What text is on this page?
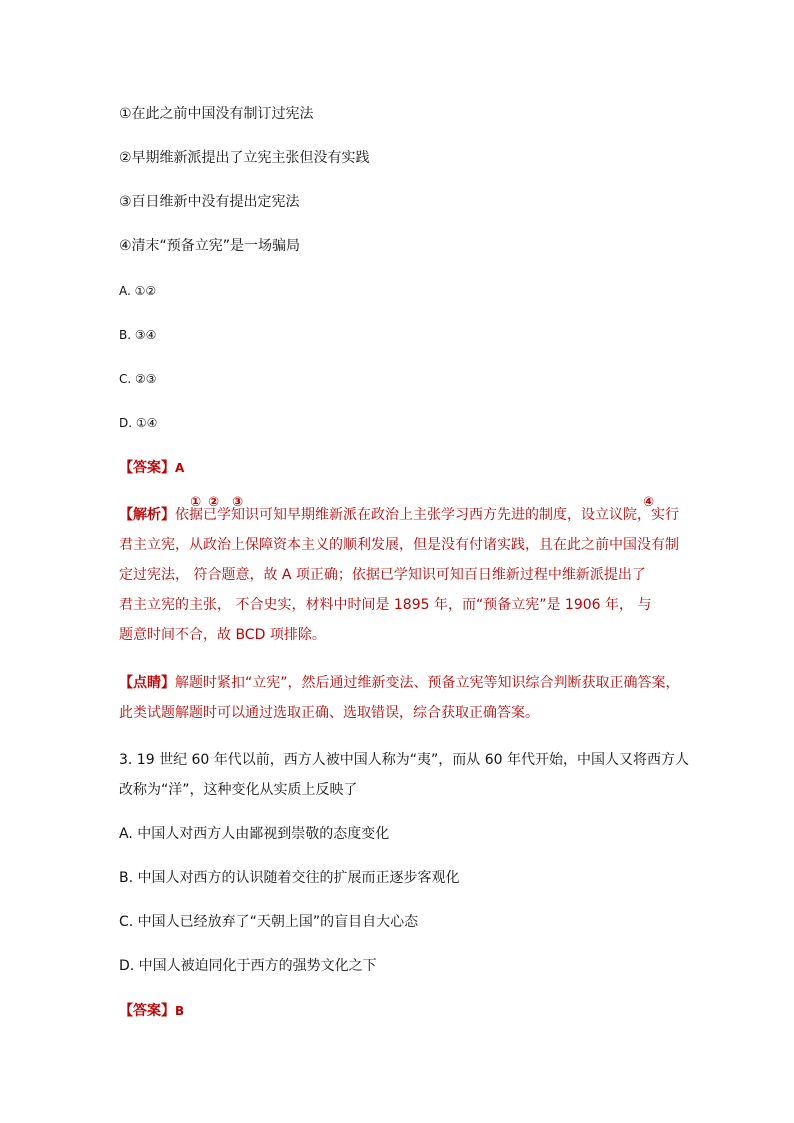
①在此之前中国没有制订过宪法
②早期维新派提出了立宪主张但没有实践
③百日维新中没有提出定宪法
④清末“预备立宪”是一场骗局
A. ①②
B. ③④
C. ②③
D. ①④
【答案】A
① ② ③	④
【解析】依据已学知识可知早期维新派在政治上主张学习西方先进的制度，设立议院，实行
君主立宪，从政治上保障资本主义的顺利发展，但是没有付诸实践，且在此之前中国没有制
定过宪法， 符合题意，故 A 项正确；依据已学知识可知百日维新过程中维新派提出了
君主立宪的主张， 不合史实，材料中时间是 1895 年，而“预备立宪”是 1906 年， 与
题意时间不合，故 BCD 项排除。
【点睛】解题时紧扣“立宪”，然后通过维新变法、预备立宪等知识综合判断获取正确答案，
此类试题解题时可以通过选取正确、选取错误，综合获取正确答案。
3. 19 世纪 60 年代以前，西方人被中国人称为“夷”，而从 60 年代开始，中国人又将西方人
改称为“洋”，这种变化从实质上反映了
A. 中国人对西方人由鄙视到崇敬的态度变化
B. 中国人对西方的认识随着交往的扩展而正逐步客观化
C. 中国人已经放弃了“天朝上国”的盲目自大心态
D. 中国人被迫同化于西方的强势文化之下
【答案】B
